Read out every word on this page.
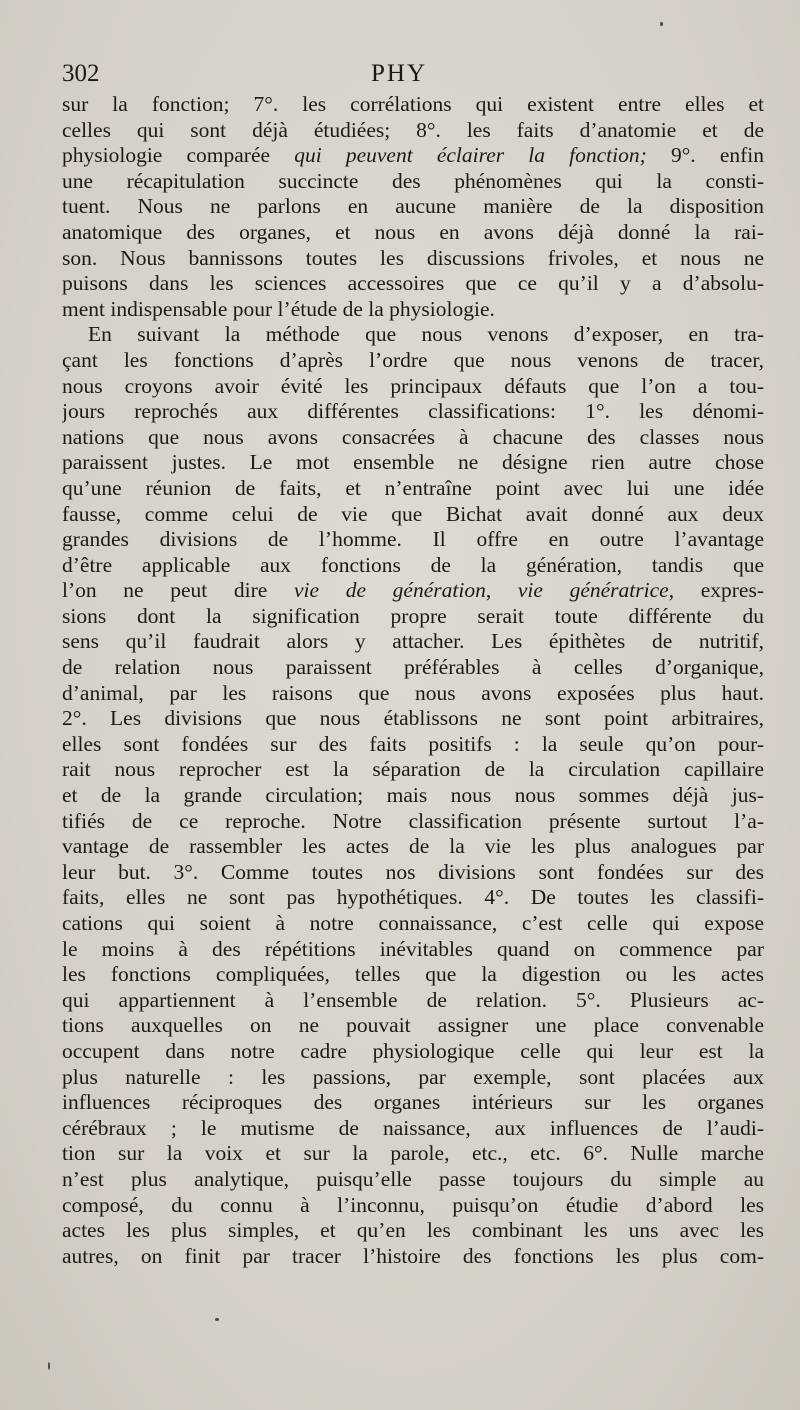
302	PHY
sur la fonction; 7°. les corrélations qui existent entre elles et
celles qui sont déjà étudiées; 8°. les faits d’anatomie et de
physiologie comparée qui peuvent éclairer la fonction; 9°. enfin
une récapitulation succincte des phénomènes qui la consti-
tuent. Nous ne parlons en aucune manière de la disposition
anatomique des organes, et nous en avons déjà donné la rai-
son. Nous bannissons toutes les discussions frivoles, et nous ne
puisons dans les sciences accessoires que ce qu’il y a d’absolu-
ment indispensable pour l’étude de la physiologie.
En suivant la méthode que nous venons d’exposer, en tra-
çant les fonctions d’après l’ordre que nous venons de tracer,
nous croyons avoir évité les principaux défauts que l’on a tou-
jours reprochés aux différentes classifications: 1°. les dénomi-
nations que nous avons consacrées à chacune des classes nous
paraissent justes. Le mot ensemble ne désigne rien autre chose
qu’une réunion de faits, et n’entraîne point avec lui une idée
fausse, comme celui de vie que Bichat avait donné aux deux
grandes divisions de l’homme. Il offre en outre l’avantage
d’être applicable aux fonctions de la génération, tandis que
l’on ne peut dire vie de génération, vie génératrice, expres-
sions dont la signification propre serait toute différente du
sens qu’il faudrait alors y attacher. Les épithètes de nutritif,
de relation nous paraissent préférables à celles d’organique,
d’animal, par les raisons que nous avons exposées plus haut.
2°. Les divisions que nous établissons ne sont point arbitraires,
elles sont fondées sur des faits positifs : la seule qu’on pour-
rait nous reprocher est la séparation de la circulation capillaire
et de la grande circulation; mais nous nous sommes déjà jus-
tifiés de ce reproche. Notre classification présente surtout l’a-
vantage de rassembler les actes de la vie les plus analogues par
leur but. 3°. Comme toutes nos divisions sont fondées sur des
faits, elles ne sont pas hypothétiques. 4°. De toutes les classifi-
cations qui soient à notre connaissance, c’est celle qui expose
le moins à des répétitions inévitables quand on commence par
les fonctions compliquées, telles que la digestion ou les actes
qui appartiennent à l’ensemble de relation. 5°. Plusieurs ac-
tions auxquelles on ne pouvait assigner une place convenable
occupent dans notre cadre physiologique celle qui leur est la
plus naturelle : les passions, par exemple, sont placées aux
influences réciproques des organes intérieurs sur les organes
cérébraux ; le mutisme de naissance, aux influences de l’audi-
tion sur la voix et sur la parole, etc., etc. 6°. Nulle marche
n’est plus analytique, puisqu’elle passe toujours du simple au
composé, du connu à l’inconnu, puisqu’on étudie d’abord les
actes les plus simples, et qu’en les combinant les uns avec les
autres, on finit par tracer l’histoire des fonctions les plus com-
